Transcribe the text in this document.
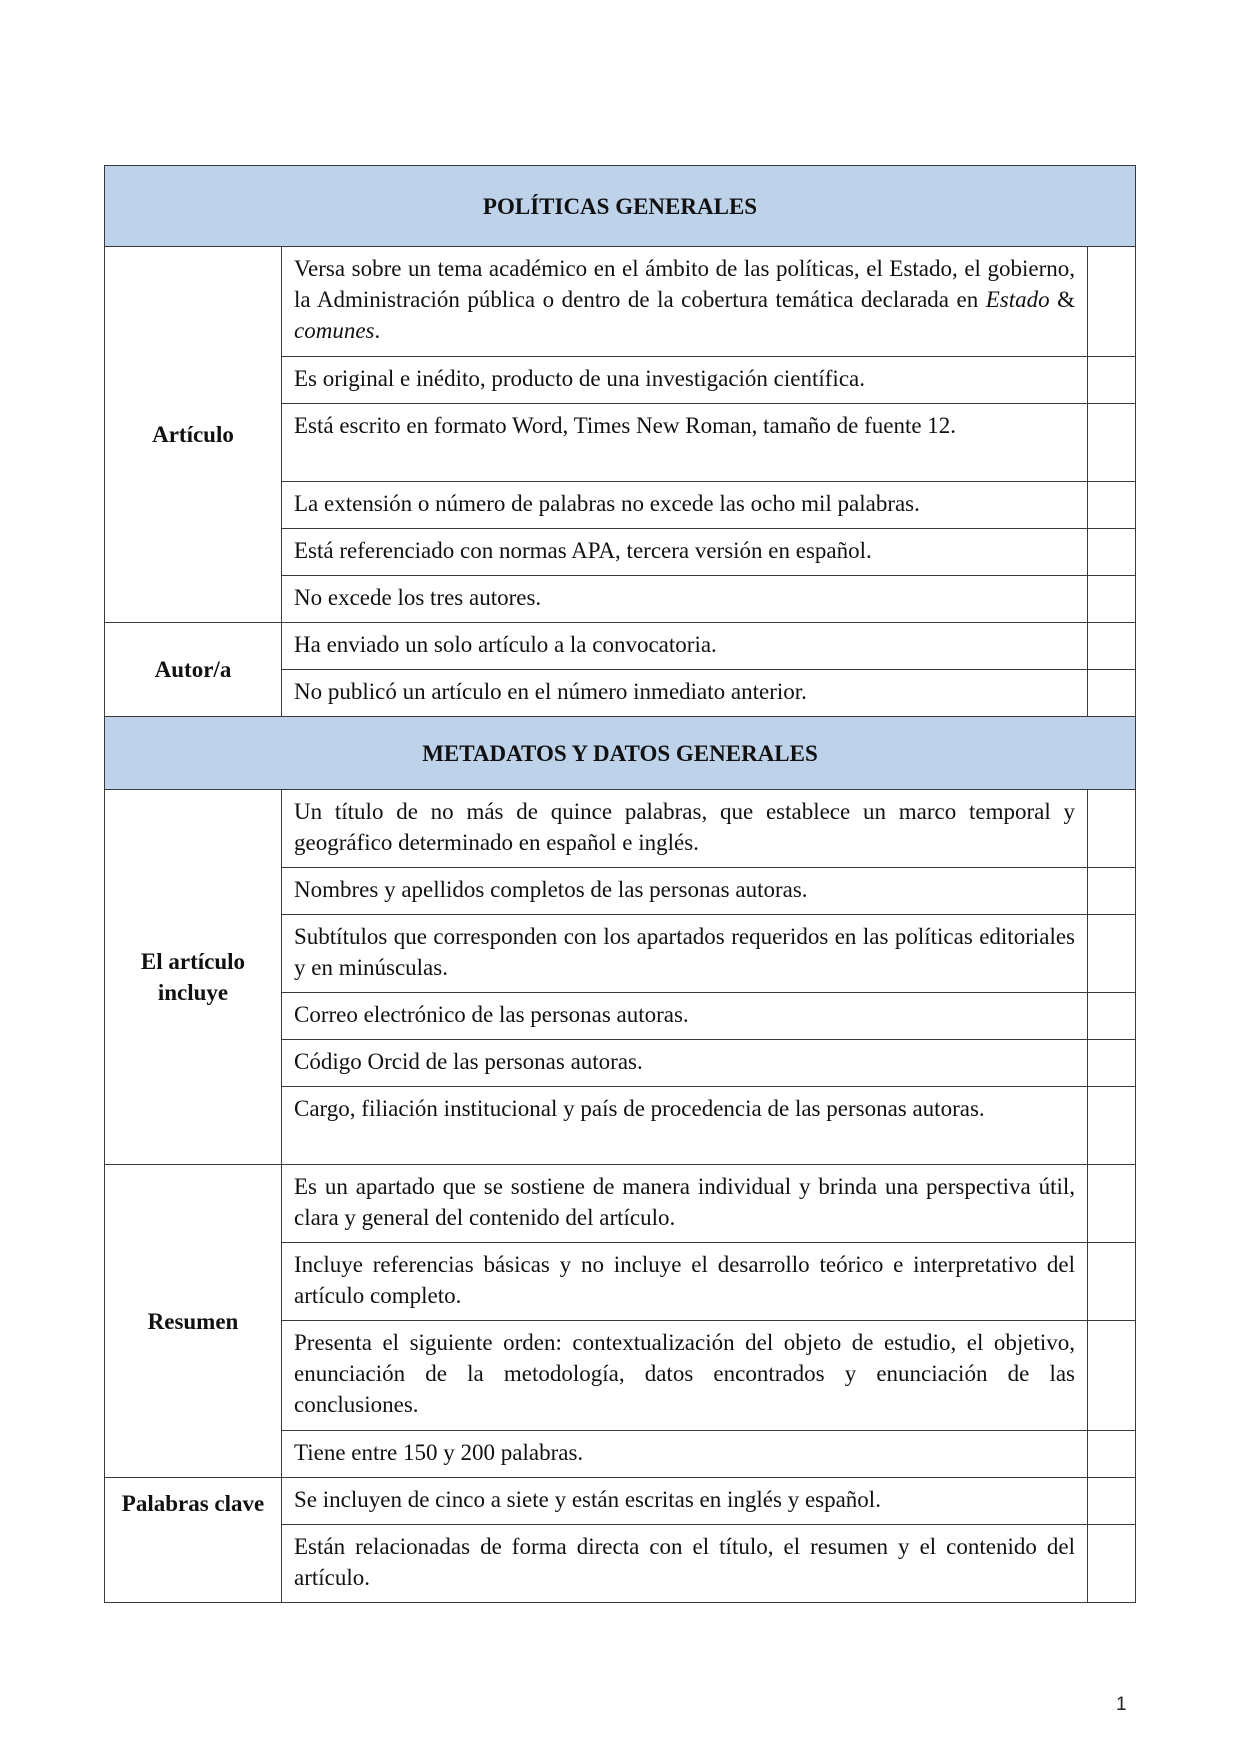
POLÍTICAS GENERALES		
Artículo	Versa sobre un tema académico en el ámbito de las políticas, el Estado, el gobierno, la Administración pública o dentro de la cobertura temática declarada en Estado & comunes.	
	Es original e inédito, producto de una investigación científica.	
	Está escrito en formato Word, Times New Roman, tamaño de fuente 12.	
	La extensión o número de palabras no excede las ocho mil palabras.	
	Está referenciado con normas APA, tercera versión en español.	
	No excede los tres autores.	
Autor/a	Ha enviado un solo artículo a la convocatoria.	
	No publicó un artículo en el número inmediato anterior.	
METADATOS Y DATOS GENERALES		
El artículo incluye	Un título de no más de quince palabras, que establece un marco temporal y geográfico determinado en español e inglés.	
	Nombres y apellidos completos de las personas autoras.	
	Subtítulos que corresponden con los apartados requeridos en las políticas editoriales y en minúsculas.	
	Correo electrónico de las personas autoras.	
	Código Orcid de las personas autoras.	
	Cargo, filiación institucional y país de procedencia de las personas autoras.	
Resumen	Es un apartado que se sostiene de manera individual y brinda una perspectiva útil, clara y general del contenido del artículo.	
	Incluye referencias básicas y no incluye el desarrollo teórico e interpretativo del artículo completo.	
	Presenta el siguiente orden: contextualización del objeto de estudio, el objetivo, enunciación de la metodología, datos encontrados y enunciación de las conclusiones.	
	Tiene entre 150 y 200 palabras.	
Palabras clave	Se incluyen de cinco a siete y están escritas en inglés y español.	
	Están relacionadas de forma directa con el título, el resumen y el contenido del artículo.	
1
